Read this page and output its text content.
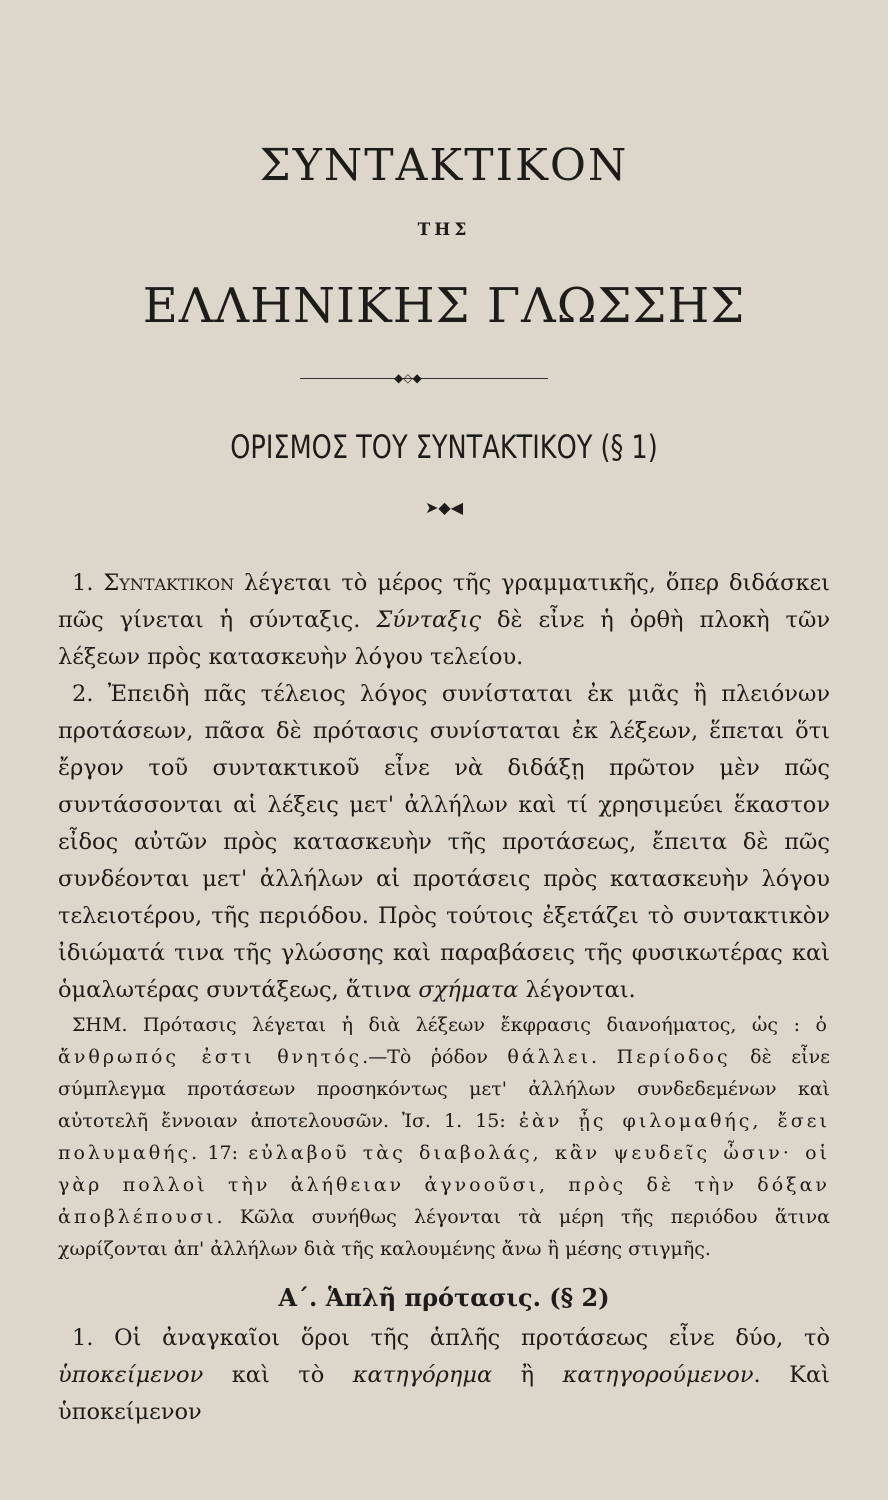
ΣΥΝΤΑΚΤΙΚΟΝ
ΤΗΣ
ΕΛΛΗΝΙΚΗΣ ΓΛΩΣΣΗΣ
◆◇◆
ΟΡΙΣΜΟΣ ΤΟΥ ΣΥΝΤΑΚΤΙΚΟΥ (§ 1)
➤◆◀

1. Συντακτικον λέγεται τὸ μέρος τῆς γραμματικῆς, ὅπερ διδάσκει πῶς γίνεται ἡ σύνταξις. Σύνταξις δὲ εἶνε ἡ ὀρθὴ πλοκὴ τῶν λέξεων πρὸς κατασκευὴν λόγου τελείου.

2. Ἐπειδὴ πᾶς τέλειος λόγος συνίσταται ἐκ μιᾶς ἢ πλειόνων προτάσεων, πᾶσα δὲ πρότασις συνίσταται ἐκ λέξεων, ἕπεται ὅτι ἔργον τοῦ συντακτικοῦ εἶνε νὰ διδάξῃ πρῶτον μὲν πῶς συντάσσονται αἱ λέξεις μετ' ἀλλήλων καὶ τί χρησιμεύει ἕκαστον εἶδος αὐτῶν πρὸς κατασκευὴν τῆς προτάσεως, ἔπειτα δὲ πῶς συνδέονται μετ' ἀλλήλων αἱ προτάσεις πρὸς κατασκευὴν λόγου τελειοτέρου, τῆς περιόδου. Πρὸς τούτοις ἐξετάζει τὸ συντακτικὸν ἰδιώματά τινα τῆς γλώσσης καὶ παραβάσεις τῆς φυσικωτέρας καὶ ὁμαλωτέρας συντάξεως, ἅτινα σχήματα λέγονται.

ΣΗΜ. Πρότασις λέγεται ἡ διὰ λέξεων ἔκφρασις διανοήματος, ὡς : ὁ ἄνθρωπός ἐστι θνητός.—Τὸ ῥόδον θάλλει. Περίοδος δὲ εἶνε σύμπλεγμα προτάσεων προσηκόντως μετ' ἀλλήλων συνδεδεμένων καὶ αὐτοτελῆ ἔννοιαν ἀποτελουσῶν. Ἰσ. 1. 15: ἐὰν ᾖς φιλομαθής, ἔσει πολυμαθής. 17: εὐλαβοῦ τὰς διαβολάς, κἂν ψευδεῖς ὦσιν· οἱ γὰρ πολλοὶ τὴν ἀλήθειαν ἀγνοοῦσι, πρὸς δὲ τὴν δόξαν ἀποβλέπουσι. Κῶλα συνήθως λέγονται τὰ μέρη τῆς περιόδου ἅτινα χωρίζονται ἀπ' ἀλλήλων διὰ τῆς καλουμένης ἄνω ἢ μέσης στιγμῆς.

Α΄. Ἁπλῆ πρότασις. (§ 2)

1. Οἱ ἀναγκαῖοι ὅροι τῆς ἁπλῆς προτάσεως εἶνε δύο, τὸ ὑποκείμενον καὶ τὸ κατηγόρημα ἢ κατηγορούμενον. Καὶ ὑποκείμενον
